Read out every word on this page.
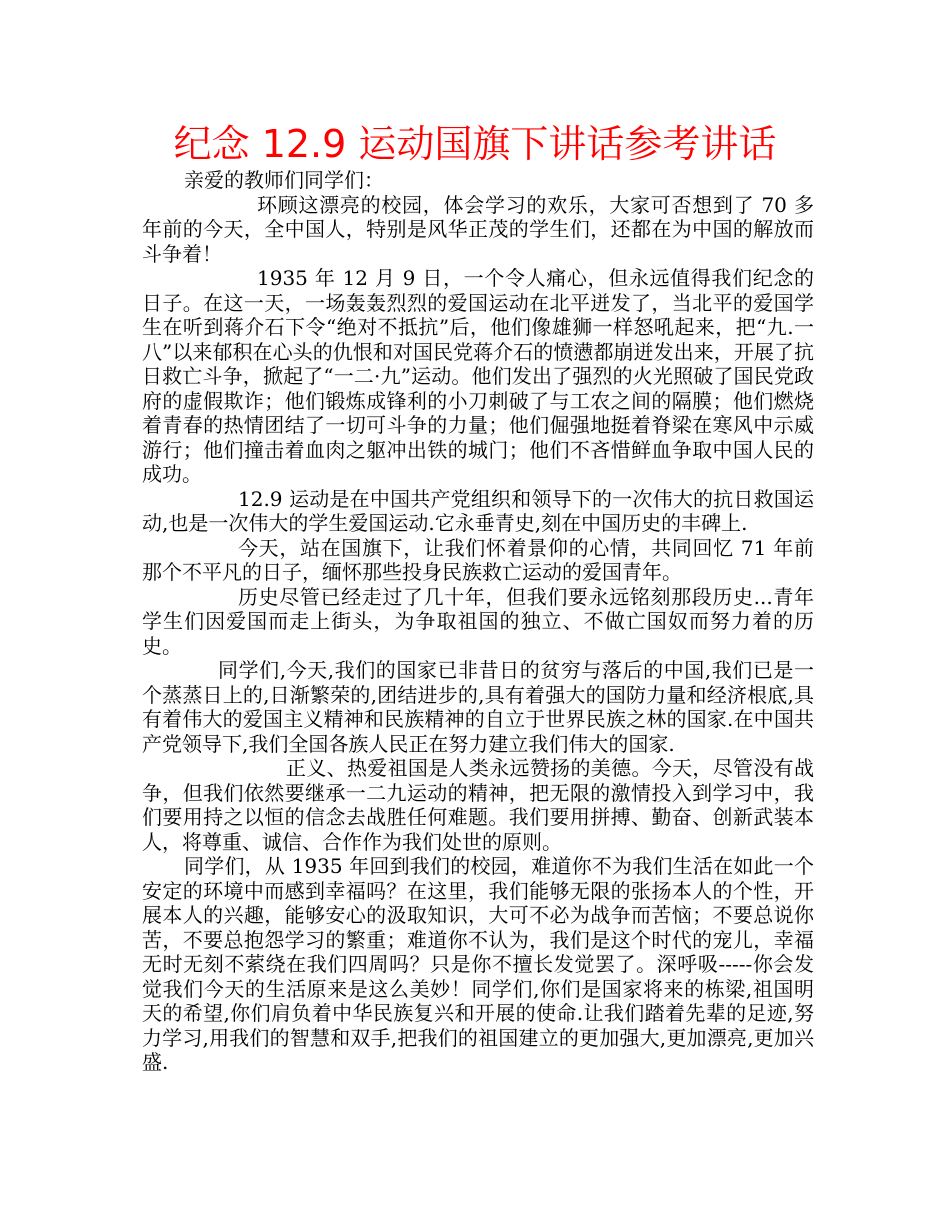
纪念 12.9 运动国旗下讲话参考讲话

亲爱的教师们同学们：

环顾这漂亮的校园，体会学习的欢乐，大家可否想到了 70 多年前的今天，全中国人，特别是风华正茂的学生们，还都在为中国的解放而斗争着！

1935 年 12 月 9 日，一个令人痛心，但永远值得我们纪念的日子。在这一天，一场轰轰烈烈的爱国运动在北平迸发了，当北平的爱国学生在听到蒋介石下令“绝对不抵抗”后，他们像雄狮一样怒吼起来，把“九.一八”以来郁积在心头的仇恨和对国民党蒋介石的愤懑都崩迸发出来，开展了抗日救亡斗争，掀起了“一二·九”运动。他们发出了强烈的火光照破了国民党政府的虚假欺诈；他们锻炼成锋利的小刀刺破了与工农之间的隔膜；他们燃烧着青春的热情团结了一切可斗争的力量；他们倔强地挺着脊梁在寒风中示威游行；他们撞击着血肉之躯冲出铁的城门；他们不吝惜鲜血争取中国人民的成功。

12.9 运动是在中国共产党组织和领导下的一次伟大的抗日救国运动,也是一次伟大的学生爱国运动.它永垂青史,刻在中国历史的丰碑上.

今天，站在国旗下，让我们怀着景仰的心情，共同回忆 71 年前那个不平凡的日子，缅怀那些投身民族救亡运动的爱国青年。

历史尽管已经走过了几十年，但我们要永远铭刻那段历史...青年学生们因爱国而走上街头，为争取祖国的独立、不做亡国奴而努力着的历史。

同学们,今天,我们的国家已非昔日的贫穷与落后的中国,我们已是一个蒸蒸日上的,日渐繁荣的,团结进步的,具有着强大的国防力量和经济根底,具有着伟大的爱国主义精神和民族精神的自立于世界民族之林的国家.在中国共产党领导下,我们全国各族人民正在努力建立我们伟大的国家.

正义、热爱祖国是人类永远赞扬的美德。今天，尽管没有战争，但我们依然要继承一二九运动的精神，把无限的激情投入到学习中，我们要用持之以恒的信念去战胜任何难题。我们要用拼搏、勤奋、创新武装本人，将尊重、诚信、合作作为我们处世的原则。

同学们，从 1935 年回到我们的校园，难道你不为我们生活在如此一个安定的环境中而感到幸福吗？在这里，我们能够无限的张扬本人的个性，开展本人的兴趣，能够安心的汲取知识，大可不必为战争而苦恼；不要总说你苦，不要总抱怨学习的繁重；难道你不认为，我们是这个时代的宠儿，幸福无时无刻不萦绕在我们四周吗？只是你不擅长发觉罢了。深呼吸-----你会发觉我们今天的生活原来是这么美妙！同学们,你们是国家将来的栋梁,祖国明天的希望,你们肩负着中华民族复兴和开展的使命.让我们踏着先辈的足迹,努力学习,用我们的智慧和双手,把我们的祖国建立的更加强大,更加漂亮,更加兴盛.
